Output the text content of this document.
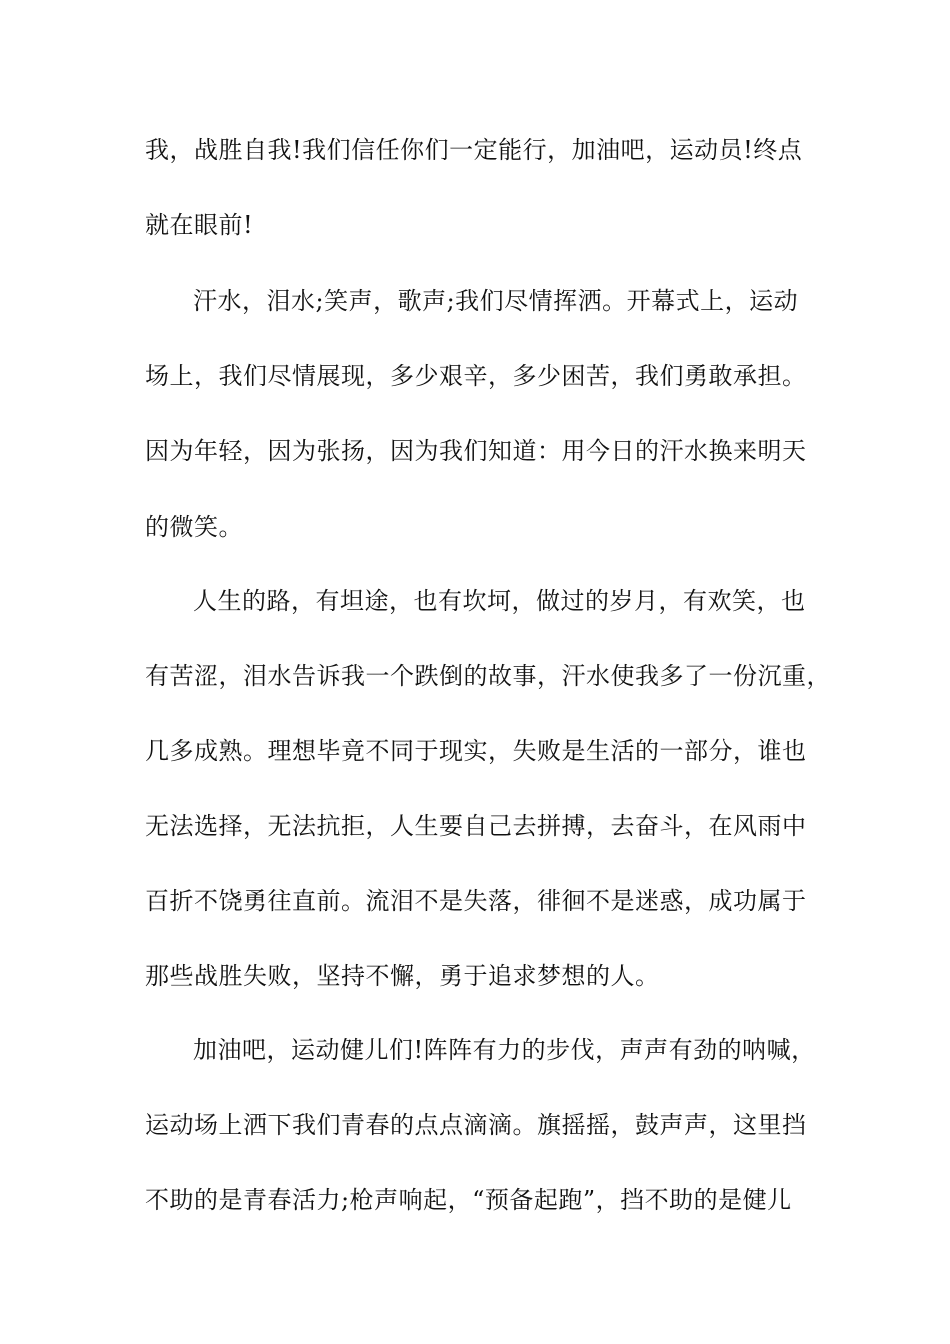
我，战胜自我!我们信任你们一定能行，加油吧，运动员!终点
就在眼前!
汗水，泪水;笑声，歌声;我们尽情挥洒。开幕式上，运动
场上，我们尽情展现，多少艰辛，多少困苦，我们勇敢承担。
因为年轻，因为张扬，因为我们知道：用今日的汗水换来明天
的微笑。
人生的路，有坦途，也有坎坷，做过的岁月，有欢笑，也
有苦涩，泪水告诉我一个跌倒的故事，汗水使我多了一份沉重，
几多成熟。理想毕竟不同于现实，失败是生活的一部分，谁也
无法选择，无法抗拒，人生要自己去拼搏，去奋斗，在风雨中
百折不饶勇往直前。流泪不是失落，徘徊不是迷惑，成功属于
那些战胜失败，坚持不懈，勇于追求梦想的人。
加油吧，运动健儿们!阵阵有力的步伐，声声有劲的呐喊，
运动场上洒下我们青春的点点滴滴。旗摇摇，鼓声声，这里挡
不助的是青春活力;枪声响起，“预备起跑”，挡不助的是健儿
